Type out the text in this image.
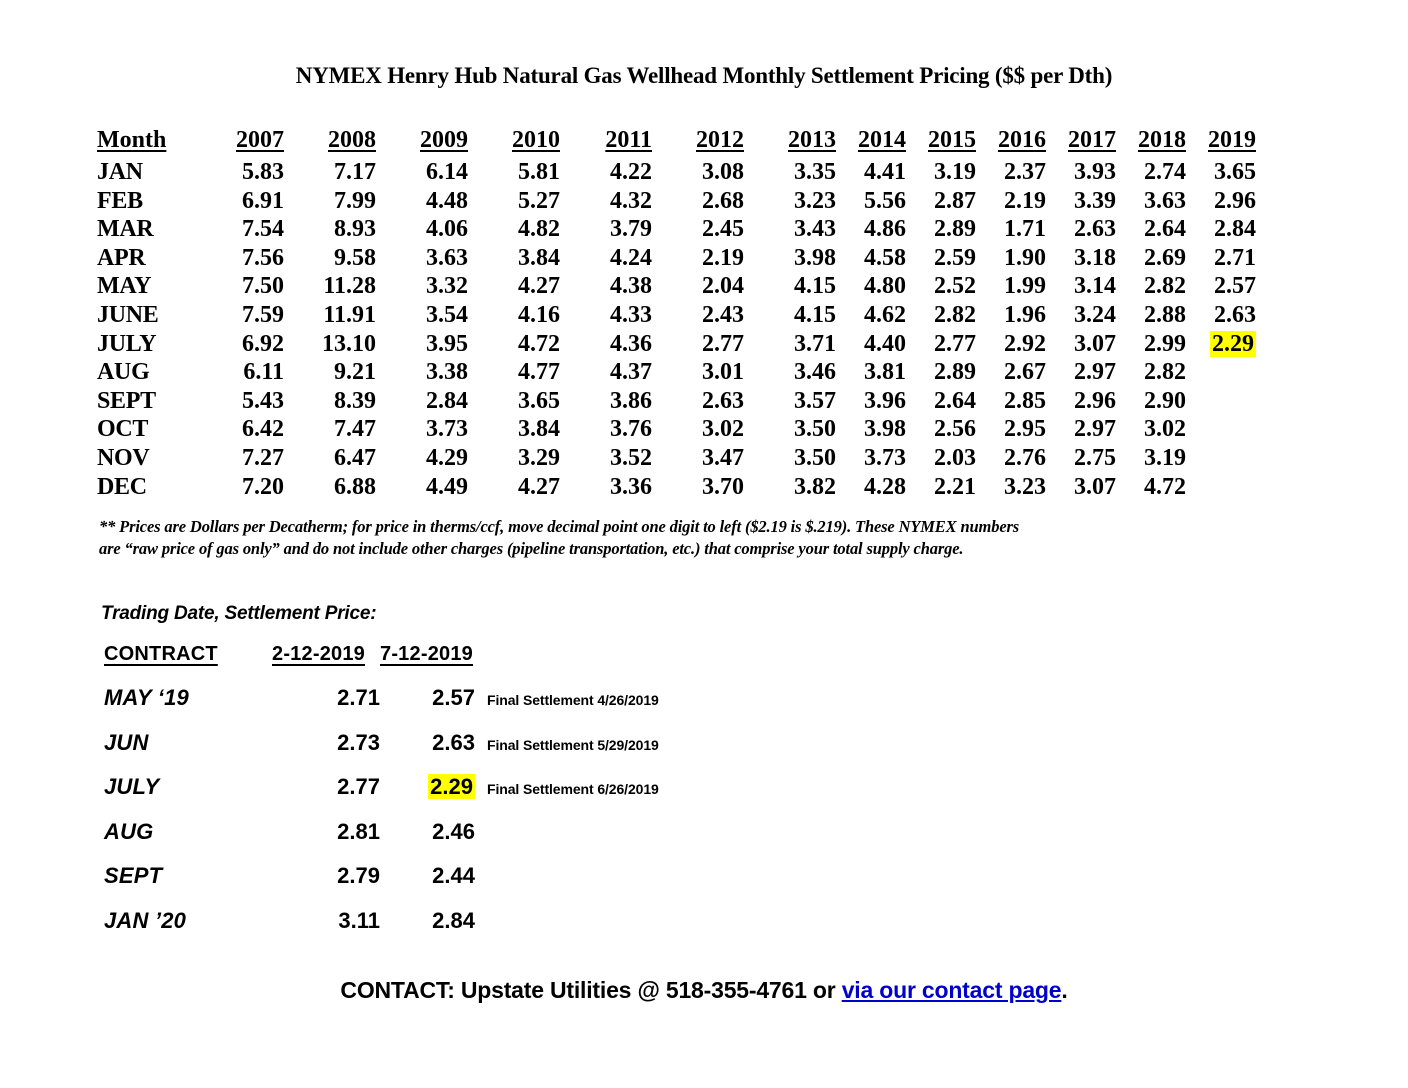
NYMEX Henry Hub Natural Gas Wellhead Monthly Settlement Pricing ($$ per Dth)
Month	2007	2008	2009	2010	2011	2012	2013	2014	2015	2016	2017	2018	2019
JAN	5.83	7.17	6.14	5.81	4.22	3.08	3.35	4.41	3.19	2.37	3.93	2.74	3.65
FEB	6.91	7.99	4.48	5.27	4.32	2.68	3.23	5.56	2.87	2.19	3.39	3.63	2.96
MAR	7.54	8.93	4.06	4.82	3.79	2.45	3.43	4.86	2.89	1.71	2.63	2.64	2.84
APR	7.56	9.58	3.63	3.84	4.24	2.19	3.98	4.58	2.59	1.90	3.18	2.69	2.71
MAY	7.50	11.28	3.32	4.27	4.38	2.04	4.15	4.80	2.52	1.99	3.14	2.82	2.57
JUNE	7.59	11.91	3.54	4.16	4.33	2.43	4.15	4.62	2.82	1.96	3.24	2.88	2.63
JULY	6.92	13.10	3.95	4.72	4.36	2.77	3.71	4.40	2.77	2.92	3.07	2.99	2.29
AUG	6.11	9.21	3.38	4.77	4.37	3.01	3.46	3.81	2.89	2.67	2.97	2.82	
SEPT	5.43	8.39	2.84	3.65	3.86	2.63	3.57	3.96	2.64	2.85	2.96	2.90	
OCT	6.42	7.47	3.73	3.84	3.76	3.02	3.50	3.98	2.56	2.95	2.97	3.02	
NOV	7.27	6.47	4.29	3.29	3.52	3.47	3.50	3.73	2.03	2.76	2.75	3.19	
DEC	7.20	6.88	4.49	4.27	3.36	3.70	3.82	4.28	2.21	3.23	3.07	4.72	
** Prices are Dollars per Decatherm; for price in therms/ccf, move decimal point one digit to left ($2.19 is $.219). These NYMEX numbers
are “raw price of gas only” and do not include other charges (pipeline transportation, etc.) that comprise your total supply charge.
Trading Date, Settlement Price:
CONTRACT	2-12-2019	7-12-2019	
MAY ‘19	2.71	2.57	Final Settlement 4/26/2019
JUN	2.73	2.63	Final Settlement 5/29/2019
JULY	2.77	2.29	Final Settlement 6/26/2019
AUG	2.81	2.46	
SEPT	2.79	2.44	
JAN ’20	3.11	2.84	
CONTACT: Upstate Utilities @ 518-355-4761 or via our contact page.
